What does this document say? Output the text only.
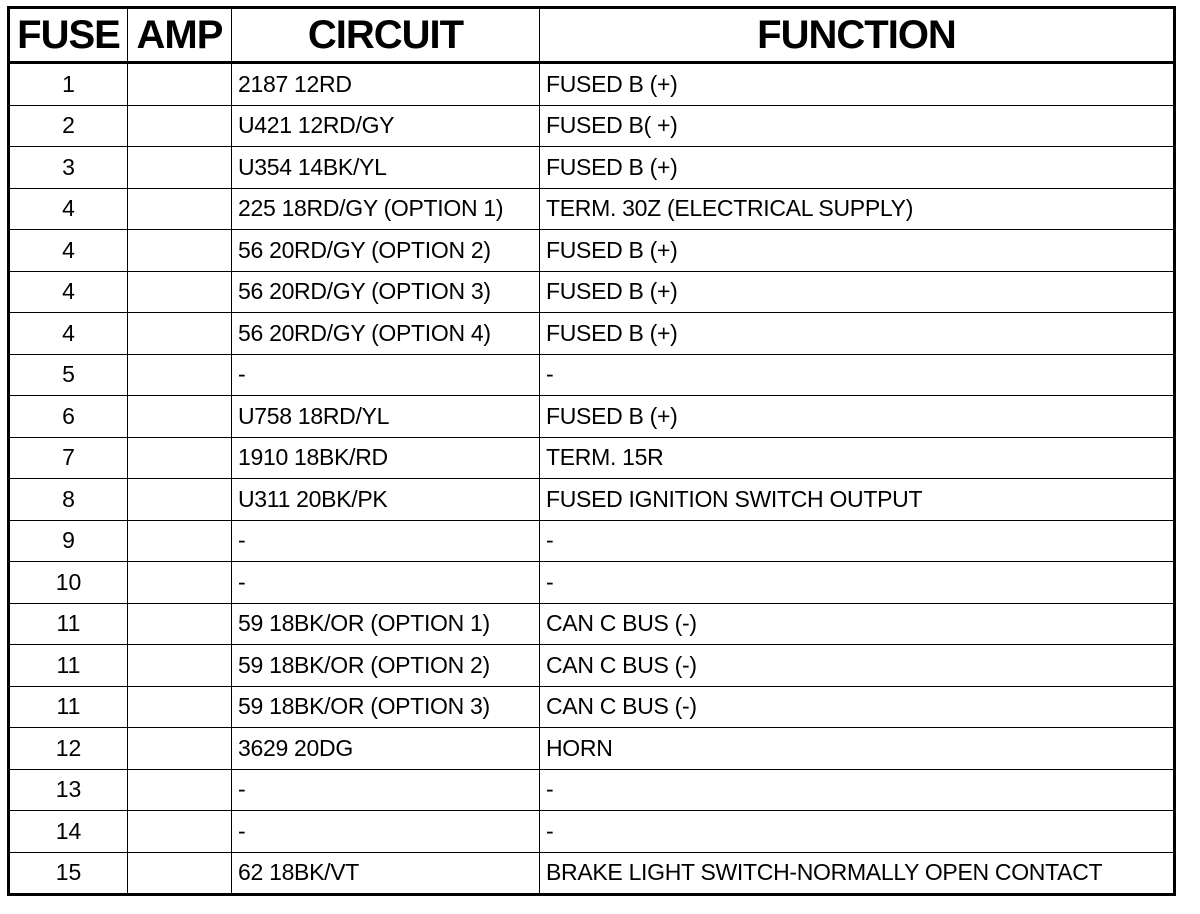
FUSE	AMP	CIRCUIT	FUNCTION
1		2187 12RD	FUSED B (+)
2		U421 12RD/GY	FUSED B( +)
3		U354 14BK/YL	FUSED B (+)
4		225 18RD/GY (OPTION 1)	TERM. 30Z (ELECTRICAL SUPPLY)
4		56 20RD/GY (OPTION 2)	FUSED B (+)
4		56 20RD/GY (OPTION 3)	FUSED B (+)
4		56 20RD/GY (OPTION 4)	FUSED B (+)
5		-	-
6		U758 18RD/YL	FUSED B (+)
7		1910 18BK/RD	TERM. 15R
8		U311 20BK/PK	FUSED IGNITION SWITCH OUTPUT
9		-	-
10		-	-
11		59 18BK/OR (OPTION 1)	CAN C BUS (-)
11		59 18BK/OR (OPTION 2)	CAN C BUS (-)
11		59 18BK/OR (OPTION 3)	CAN C BUS (-)
12		3629 20DG	HORN
13		-	-
14		-	-
15		62 18BK/VT	BRAKE LIGHT SWITCH-NORMALLY OPEN CONTACT
